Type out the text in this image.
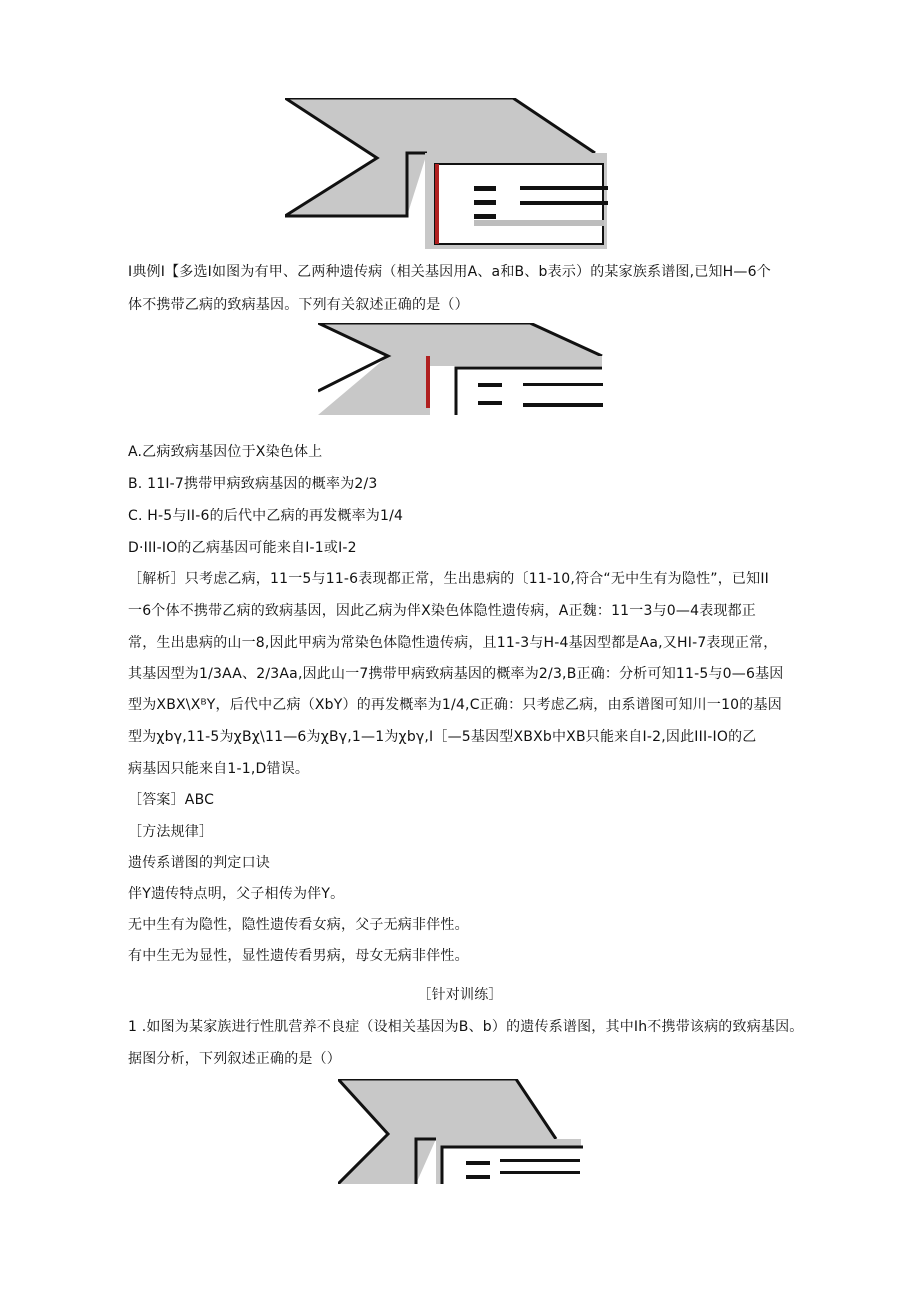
I典例I【多选I如图为有甲、乙两种遗传病（相关基因用A、a和B、b表示）的某家族系谱图,已知H—6个
体不携带乙病的致病基因。下列有关叙述正确的是（）
A.乙病致病基因位于X染色体上
B. 11I-7携带甲病致病基因的概率为2/3
C. H-5与II-6的后代中乙病的再发概率为1/4
D·III-IO的乙病基因可能来自I-1或I-2
［解析］只考虑乙病，11一5与11-6表现都正常，生出患病的〔11-10,符合“无中生有为隐性”，已知II
一6个体不携带乙病的致病基因，因此乙病为伴X染色体隐性遗传病，A正魏：11一3与0—4表现都正
常，生出患病的山一8,因此甲病为常染色体隐性遗传病，且11-3与H-4基因型都是Aa,又HI-7表现正常，
其基因型为1/3AA、2∕3Aa,因此山一7携带甲病致病基因的概率为2/3,B正确：分析可知11-5与0—6基因
型为XBX\XᴮY，后代中乙病（XbY）的再发概率为1/4,C正确：只考虑乙病，由系谱图可知川一10的基因
型为χbγ,11-5为χBχ\11—6为χBγ,1—1为χbγ,I［—5基因型XBXb中XB只能来自I-2,因此III-IO的乙
病基因只能来自1-1,D错误。
［答案］ABC
［方法规律］
遗传系谱图的判定口诀
伴Y遗传特点明，父子相传为伴Y。
无中生有为隐性，隐性遗传看女病，父子无病非伴性。
有中生无为显性，显性遗传看男病，母女无病非伴性。
［针对训练］
1 .如图为某家族进行性肌营养不良症（设相关基因为B、b）的遗传系谱图，其中Ih不携带该病的致病基因。
据图分析，下列叙述正确的是（）
